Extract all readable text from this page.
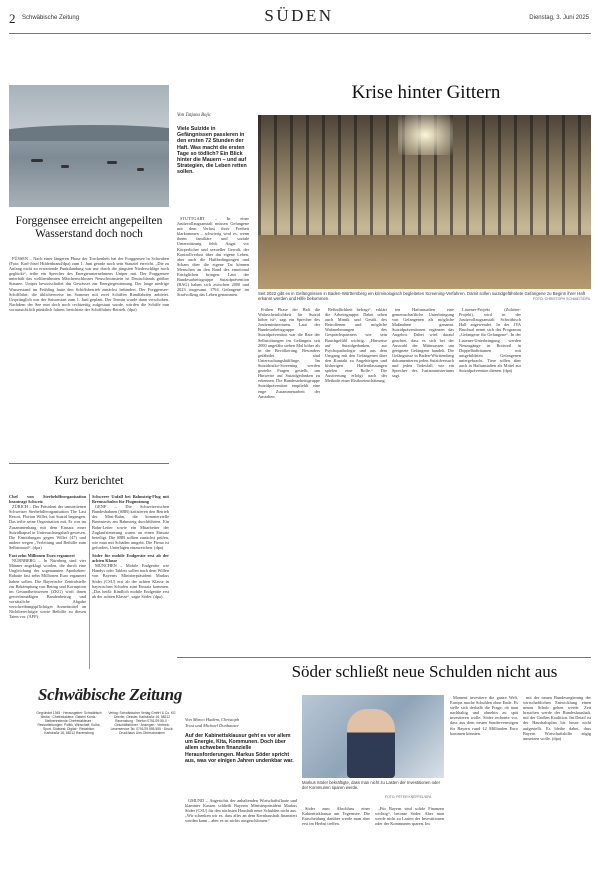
2 Schwäbische Zeitung	SÜDEN	Dienstag, 3. Juni 2025
Forggensee erreicht angepeilten Wasserstand doch noch

FÜSSEN – Nach einer längeren Phase der Trockenheit hat der Forggensee in Schwaben (Foto: Karl-Josef Hildenbrand/dpa) zum 1. Juni gerade noch sein Stauziel erreicht. „Die zu Anfang nicht zu erwartende Punktlandung war nur durch die jüngsten Niederschläge noch geglückt“, teilte ein Sprecher des Energieunternehmens Uniper mit. Der Forggensee unterhält das weltberühmten Märchenschlosses Neuschwanstein ist Deutschlands größter Stausee. Uniper bewirtschaftet das Gewässer zur Energiegewinnung. Der lange niedrige Wasserstand im Frühling hatte den Schiffsbetrieb zunächst behindert. Der Forggensee-Schifffahrt, die üblicherweise im Sommer mit zwei Schiffen Rundfahrten anbietet. Ursprünglich war der Saisonstart zum 1. Juni geplant. Der Termin wurde dann verschoben. Nachdem der See nun doch noch rechtzeitig aufgestaut wurde, würden die Schiffe nun voraussichtlich pünktlich fahren, berichtete der Schifffahrts-Betrieb. (dpa)

Kurz berichtet
Chef von Sterbehilfeorganisation beantragt Schweiz

ZÜRICH – Der Präsident der umstrittenen Schweizer Sterbehilfeorganisation The Last Resort, Florian Willet, hat Suizid begangen. Das teilte seine Organisation mit. Er war im Zusammenhang mit dem Einsatz einer Suizidkapsel in Untersuchungshaft gewesen. Die Ermittlungen gegen Willet (47) und andere wegen „Verleitung und Beihilfe zum Selbstmord“. (dpa)

Fast zehn Millionen Euro ergaunert

NÜRNBERG – In Nürnberg sind vier Männer angeklagt worden, die durch eine Ungleichung der sogenannten Apotheken-Rabatte fast zehn Millionen Euro ergaunert haben sollen. Die Bayerische Zentralstelle zur Bekämpfung von Betrug und Korruption im Gesundheitswesen (ZKG) wirft ihnen gewerbsmäßigen Bandenbetrug und vorsätzliche Abgabe verschreibungspflichtiger Arzneimittel an Nichtberechtigte sowie Beihilfe zu diesen Taten vor. (AFP)

Schwerer Unfall bei Bahnsteig-Flug mit Bremsschulen für Flugnutzung

GENF – Die Schweizerischen Bundesbahnen (SBB) kritisieren den Betrieb der Mini-Bahn, die kommerzielle Bremstests am Bahnsteig durchführten. Ein Bahn-Leiter sowie ein Mitarbeiter der Zuglaufsteuerung waren an einen Einsatz beteiligt. Die SBB sollten zunächst prüfen, wie man mit Schäden umgeht. Die Firma ist gefordert, Unterlagen einzureichen. (dpa)

Söder für mobile Endgeräte erst ab der achten Klasse

MÜNCHEN – Mobile Endgeräte wie Handys oder Tablets sollen nach dem Willen von Bayerns Ministerpräsident Markus Söder (CSU) erst ab der achten Klasse in bayerischen Schulen zum Einsatz kommen. „Das heißt: Kindlich mobile Endgeräte erst ab der achten Klasse“, sagte Söder. (dpa)

Von Tatjana Bojic
Viele Suizide in Gefängnissen passieren in den ersten 72 Stunden der Haft. Was macht die ersten Tage so tödlich? Ein Blick hinter die Mauern – und auf Strategien, die Leben retten sollen.

STUTTGART – In einer Justizvollzugsanstalt müssen Gefangene mit dem Verlust ihrer Freiheit klarkommen – schwierig wird es, wenn ihnen familiäre und soziale Unterstützung fehlt. Angst vor Körperlicher und sexueller Gewalt, der Kontrollverlust über das eigene Leben, aber auch die Haftbedingungen und Scham über die eigene Tat können Menschen an den Rand des emotional Erträglichen bringen. Laut der Bundesarbeitsgruppe Suizidprävention (BAG) haben sich zwischen 2000 und 2023 insgesamt 1794 Gefangene im Strafvollzug das Leben genommen.

Krise hinter Gittern
Seit 2022 gibt es in Gefängnissen in Baden-Württemberg ein kriminologisch begleitetes Screening-Verfahren. Damit sollen suizidgefährdete Gefangene zu Beginn ihrer Haft erkannt werden und Hilfe bekommen.	FOTO: CHRISTOPH SCHMIDT/DPA

Frühen Phase der Haft die Wahrscheinlichkeit für Suizid höher ist“, sagt ein Sprecher des Justizministeriums. Laut der Bundesarbeitsgruppe Suizidprävention war die Rate der Selbsttötungen im Gefängnis seit 2000 ungefähr sieben Mal höher als in der Bevölkerung. Besonders gefährdet sind Untersuchungshäftlinge. Im Suizidrisiko-Screening werden gezielte Fragen gestellt, um Hinweise auf Suizidgedanken zu erkennen. Die Bundesarbeitsgruppe Suizidprävention empfiehlt eine enge Zusammenarbeit der Anstalten.

Befindlichkeit befragt“, erklärt die Arbeitsgruppe. Dabei sehen auch Mimik und Gestik des Betroffenen und mögliche Wahrnehmungen des Gesprächspartners wie sein Bauchgefühl wichtig. „Hinweise auf Suizidgedanken, zur Psychopathologie und aus dem Umgang mit den Gefangenen über den Kontakt zu Angehörigen und bisherigen Haftentlassungen spielen eine Rolle.“ Die Auswertung erfolgt nach der Methode einer Risikoeinschätzung.

ten Haftanstalten eine gemeinschaftliche Unterbringung von Gefangenen als mögliche Maßnahme genannt. Suizidpräventionen ergänzen das Angebot. Dabei wird darauf geachtet, dass es sich bei der Auswahl der Mitinsassen um geeignete Gefangene handelt. Die Gefängnisse in Baden-Württemberg dokumentieren jeden Suizidversuch und jeden Todesfall, wie ein Sprecher des Justizministeriums sagt.

Listener-Projekt (Zuhörer-Projekt), wird in der Justizvollzugsanstalt Schwäbisch Hall angewendet. In der JVA Bruchsal nennt sich das Programm „Gefangene für Gefangene“. In der Listener-Unterbringung werden Neuzugänge in Rottweil in Doppelhafträumen mit ausgebildeten Gefangenen untergebracht. Tiere sollen aber auch in Haftanstalten als Mittel zur Suizidprävention dienen. (dpa)

Schwäbische Zeitung
Gegründet 1945 · Herausgeber: Schwäbisch Media · Chefredakteur: Gabriel Kords · Stellvertretende Chefredakteure · Ressortleitungen: Politik, Wirtschaft, Kultur, Sport, Südwest, Digital · Redaktion: Karlstraße 16, 88212 Ravensburg
Verlag: Schwäbischer Verlag GmbH & Co. KG Drexler, Gessler, Karlstraße 16, 88212 Ravensburg · Telefon 0751/29 55-0 · Geschäftsführer · Anzeigen · Vertrieb: Leserservice Tel. 0751/29 555 555 · Druck: Druckhaus Ulm-Oberschwaben
Söder schließt neue Schulden nicht aus
Von Marco Hadem, Christoph
Trost und Michael Donhauser
Auf der Kabinettsklausur geht es vor allem um Energie, Kita, Kommunen. Doch über allem schweben finanzielle Herausforderungen. Markus Söder spricht aus, was vor einigen Jahren undenkbar war.

GMUND – Angesichts der anhaltenden Wirtschaftsflaute und klammer Kassen schließt Bayerns Ministerpräsident Markus Söder (CSU) für den nächsten Haushalt neue Schulden nicht aus. „Wir schenken wir es, dass alles an dem Kernhaushalt finanziert werden kann – aber es ist nichts ausgeschlossen.“

Markus Söder bekräftigte, dass man nicht zu Lasten der Investitionen oder der Kommunen sparen werde.
FOTO: PETER KNEFFEL/DPA

Söder zum Abschluss einer Kabinettsklausur am Tegernsee. Die Entscheidung darüber werde man aber erst im Herbst treffen.

„Für Bayern sind solide Finanzen wichtig“, betonte Söder. Aber man werde nicht zu Lasten der Investitionen oder der Kommunen sparen. Im

Moment investiere die ganze Welt, Europa mache Schulden ohne Ende. Es stelle sich deshalb die Frage, ob man nachhaltig und ohnehin zu spät investieren wolle. Söder rechnete vor, dass aus dem neuen Sondervermögen für Bayern rund 12 Milliarden Euro kommen könnten.

mit der neuen Bundesregierung der wirtschaftlichen Entwicklung einen neuen Schub geben werde. Zeit brauchen werde der Bundeshaushalt, mit der Großen Koalition. Im Detail ist der Haushaltsplan bis heute nicht aufgestellt. Es bleibe dabei, dass Bayern Wirtschaftshilfe zügig umsetzen wolle. (dpa)
